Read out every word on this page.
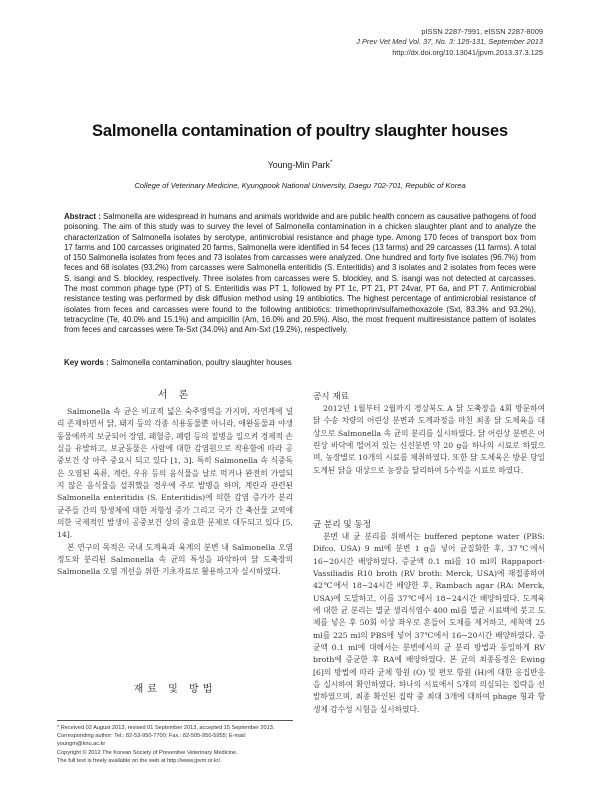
pISSN 2287-7991, eISSN 2287-8009
J Prev Vet Med Vol. 37, No. 3: 125-131, September 2013
http://dx.doi.org/10.13041/jpvm.2013.37.3.125
Salmonella contamination of poultry slaughter houses
Young-Min Park*
College of Veterinary Medicine, Kyungpook National University, Daegu 702-701, Republic of Korea
Abstract : Salmonella are widespread in humans and animals worldwide and are public health concern as causative pathogens of food poisoning. The aim of this study was to survey the level of Salmonella contamination in a chicken slaughter plant and to analyze the characterization of Salmonella isolates by serotype, antimicrobial resistance and phage type. Among 170 feces of transport box from 17 farms and 100 carcasses originated 20 farms, Salmonella were identified in 54 feces (13 farms) and 29 carcasses (11 farms). A total of 150 Salmonella isolates from feces and 73 isolates from carcasses were analyzed. One hundred and forty five isolates (96.7%) from feces and 68 isolates (93.2%) from carcasses were Salmonella enteritidis (S. Enteritidis) and 3 isolates and 2 isolates from feces were S. isangi and S. blockley, respectively. Three isolates from carcasses were S. blockley, and S. isangi was not detected at carcasses. The most common phage type (PT) of S. Enteritidis was PT 1, followed by PT 1c, PT 21, PT 24var, PT 6a, and PT 7. Antimicrobial resistance testing was performed by disk diffusion method using 19 antibiotics. The highest percentage of antimicrobial resistance of isolates from feces and carcasses were found to the following antibiotics: trimethoprim/sulfamethoxazole (Sxt, 83.3% and 93.2%), tetracycline (Te, 40.0% and 15.1%) and ampicillin (Am, 16.0% and 20.5%). Also, the most frequent multiresistance pattern of isolates from feces and carcasses were Te-Sxt (34.0%) and Am-Sxt (19.2%), respectively.
Key words : Salmonella contamination, poultry slaughter houses
서 론

Salmonella 속 균은 비교적 넓은 숙주영역을 가지며, 자연계에 널리 존재하면서 닭, 돼지 등의 각종 식용동물뿐 아니라, 애완동물과 야생동물에까지 보균되어 장염, 패혈증, 폐렴 등의 질병을 일으켜 경제적 손실을 유발하고, 보균동물은 사람에 대한 감염원으로 작용함에 따라 공중보건 상 아주 중요시 되고 있다 [1, 3]. 특히 Salmonella 속 식중독은 오염된 육류, 계란, 우유 등의 음식물을 날로 먹거나 완전히 가열되지 않은 음식물을 섭취했을 경우에 주로 발병을 하며, 계란과 관련된 Salmonella enteritidis (S. Enteritidis)에 의한 감염 증가가 분리 균주들 간의 항생제에 대한 저항성 증가 그리고 국가 간 축산물 교역에 의한 국제적인 발생이 공중보건 상의 중요한 문제로 대두되고 있다 [5, 14].

본 연구의 목적은 국내 도계육과 육계의 분변 내 Salmonella 오염 정도와 분리된 Salmonella 속 균의 특성을 파악하여 닭 도축장의 Salmonella 오염 개선을 위한 기초자료로 활용하고자 실시하였다.

재료 및 방법

* Received 02 August 2013, revised 01 September 2013, accepted 15 September 2013.

Corresponding author: Tel.: 82-53-950-7700; Fax.: 82-505-950-5955; E-mail: youngm@knu.ac.kr

Copyright © 2012 The Korean Society of Preventive Veterinary Medicine.

The full text is freely available on the web at http://www.jpvm.or.kr/.

공시 재료

2012년 1월부터 2월까지 경상북도 A 닭 도축장을 4회 방문하여 닭 수송 차량의 어린상 분변과 도계과정을 마친 최종 닭 도체육을 대상으로 Salmonella 속 균의 분리를 실시하였다. 닭 어린상 분변은 어린상 바닥에 떨어져 있는 신선분변 약 20 g을 하나의 시료로 하였으며, 농장별로 10개의 시료를 채취하였다. 또한 닭 도체육은 방문 당일 도계된 닭을 대상으로 농장을 달리하여 5수씩을 시료로 하였다.

균 분리 및 동정

분변 내 균 분리를 위해서는 buffered peptone water (PBS: Difco, USA) 9 ml에 분변 1 g을 넣어 균질화한 후, 37℃에서 16~20시간 배양하였다. 증균액 0.1 ml를 10 ml의 Rappaport-Vassiliadis R10 broth (RV broth: Merck, USA)에 재접종하여 42℃에서 18~24시간 배양한 후, Rambach agar (RA: Merck, USA)에 도말하고, 이를 37℃에서 18~24시간 배양하였다. 도계육에 대한 균 분리는 멸균 생리식염수 400 ml를 멸균 시료백에 붓고 도체를 넣은 후 50회 이상 좌우로 흔들어 도체를 제거하고, 세척액 25 ml를 225 ml의 PBS에 넣어 37℃에서 16~20시간 배양하였다. 증균액 0.1 ml에 대해서는 분변에서의 균 분리 방법과 동일하게 RV broth에 증균한 후 RA에 배양하였다. 본 균의 최종동정은 Ewing [6]의 방법에 따라 균체 항원 (O) 및 편모 항원 (H)에 대한 응집반응을 실시하여 확인하였다. 하나의 시료에서 5개의 의심되는 집락을 선발하였으며, 최종 확인된 집락 중 최대 3개에 대하여 phage 형과 항생제 감수성 시험을 실시하였다.
